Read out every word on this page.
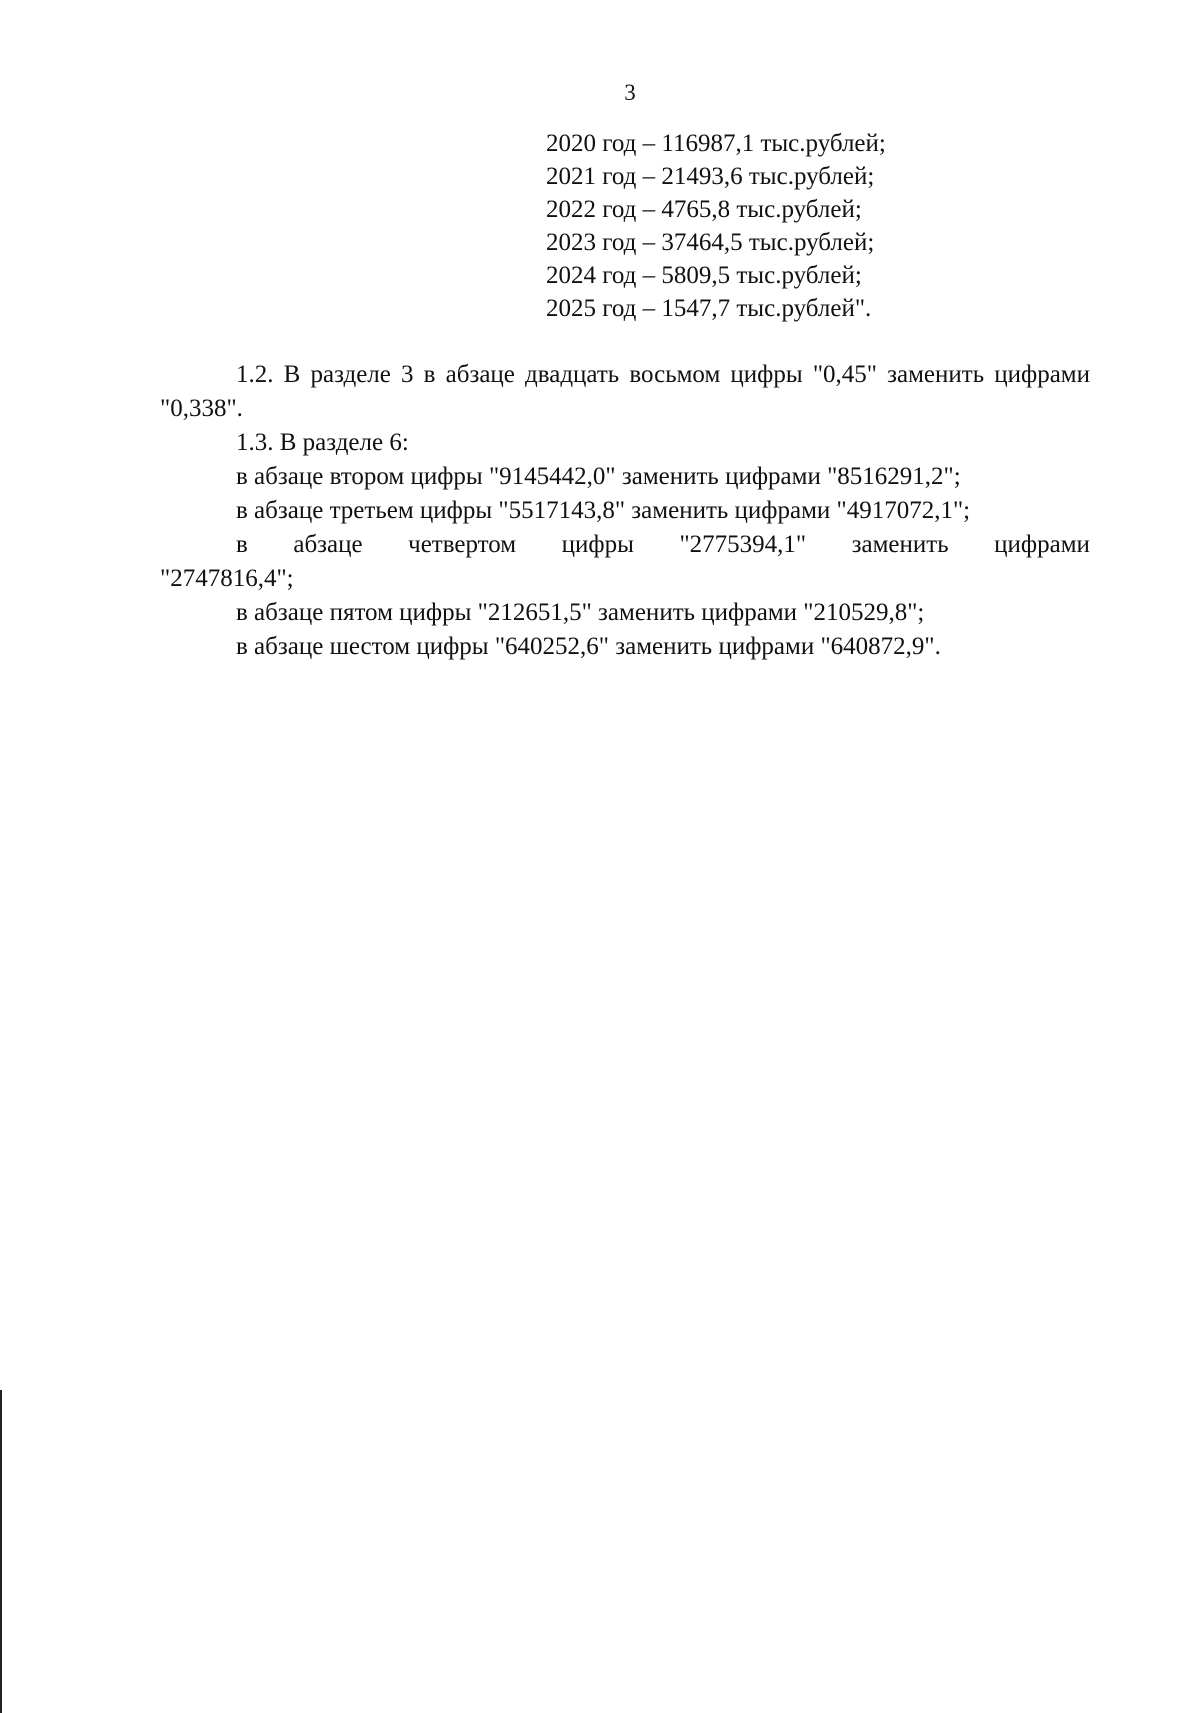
3
2020 год – 116987,1 тыс.рублей;
2021 год – 21493,6 тыс.рублей;
2022 год – 4765,8 тыс.рублей;
2023 год – 37464,5 тыс.рублей;
2024 год – 5809,5 тыс.рублей;
2025 год – 1547,7 тыс.рублей".

1.2. В разделе 3 в абзаце двадцать восьмом цифры "0,45" заменить цифрами "0,338".

1.3. В разделе 6:

в абзаце втором цифры "9145442,0" заменить цифрами "8516291,2";

в абзаце третьем цифры "5517143,8" заменить цифрами "4917072,1";

в абзаце четвертом цифры "2775394,1" заменить цифрами

"2747816,4";

в абзаце пятом цифры "212651,5" заменить цифрами "210529,8";

в абзаце шестом цифры "640252,6" заменить цифрами "640872,9".
